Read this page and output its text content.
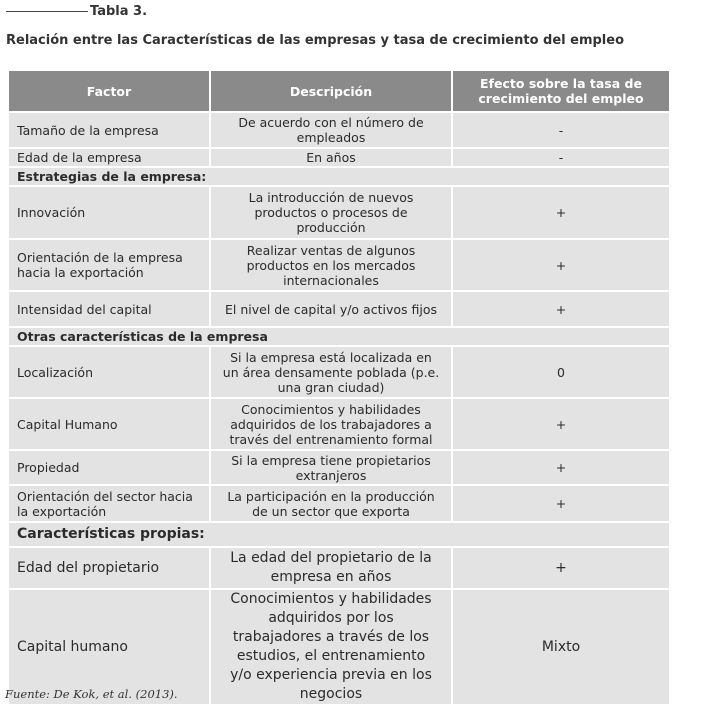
Tabla 3.
Relación entre las Características de las empresas y tasa de crecimiento del empleo
Factor	Descripción	Efecto sobre la tasa de crecimiento del empleo
Tamaño de la empresa	De acuerdo con el número de empleados	-
Edad de la empresa	En años	-
Estrategias de la empresa:		
Innovación	La introducción de nuevos productos o procesos de producción	+
Orientación de la empresa hacia la exportación	Realizar ventas de algunos productos en los mercados internacionales	+
Intensidad del capital	El nivel de capital y/o activos fijos	+
Otras características de la empresa		
Localización	Si la empresa está localizada en un área densamente poblada (p.e. una gran ciudad)	0
Capital Humano	Conocimientos y habilidades adquiridos de los trabajadores a través del entrenamiento formal	+
Propiedad	Si la empresa tiene propietarios extranjeros	+
Orientación del sector hacia la exportación	La participación en la producción de un sector que exporta	+
Características propias:		
Edad del propietario	La edad del propietario de la empresa en años	+
Capital humano	Conocimientos y habilidades adquiridos por los trabajadores a través de los estudios, el entrenamiento y/o experiencia previa en los negocios	Mixto
Fuente: De Kok, et al. (2013).
